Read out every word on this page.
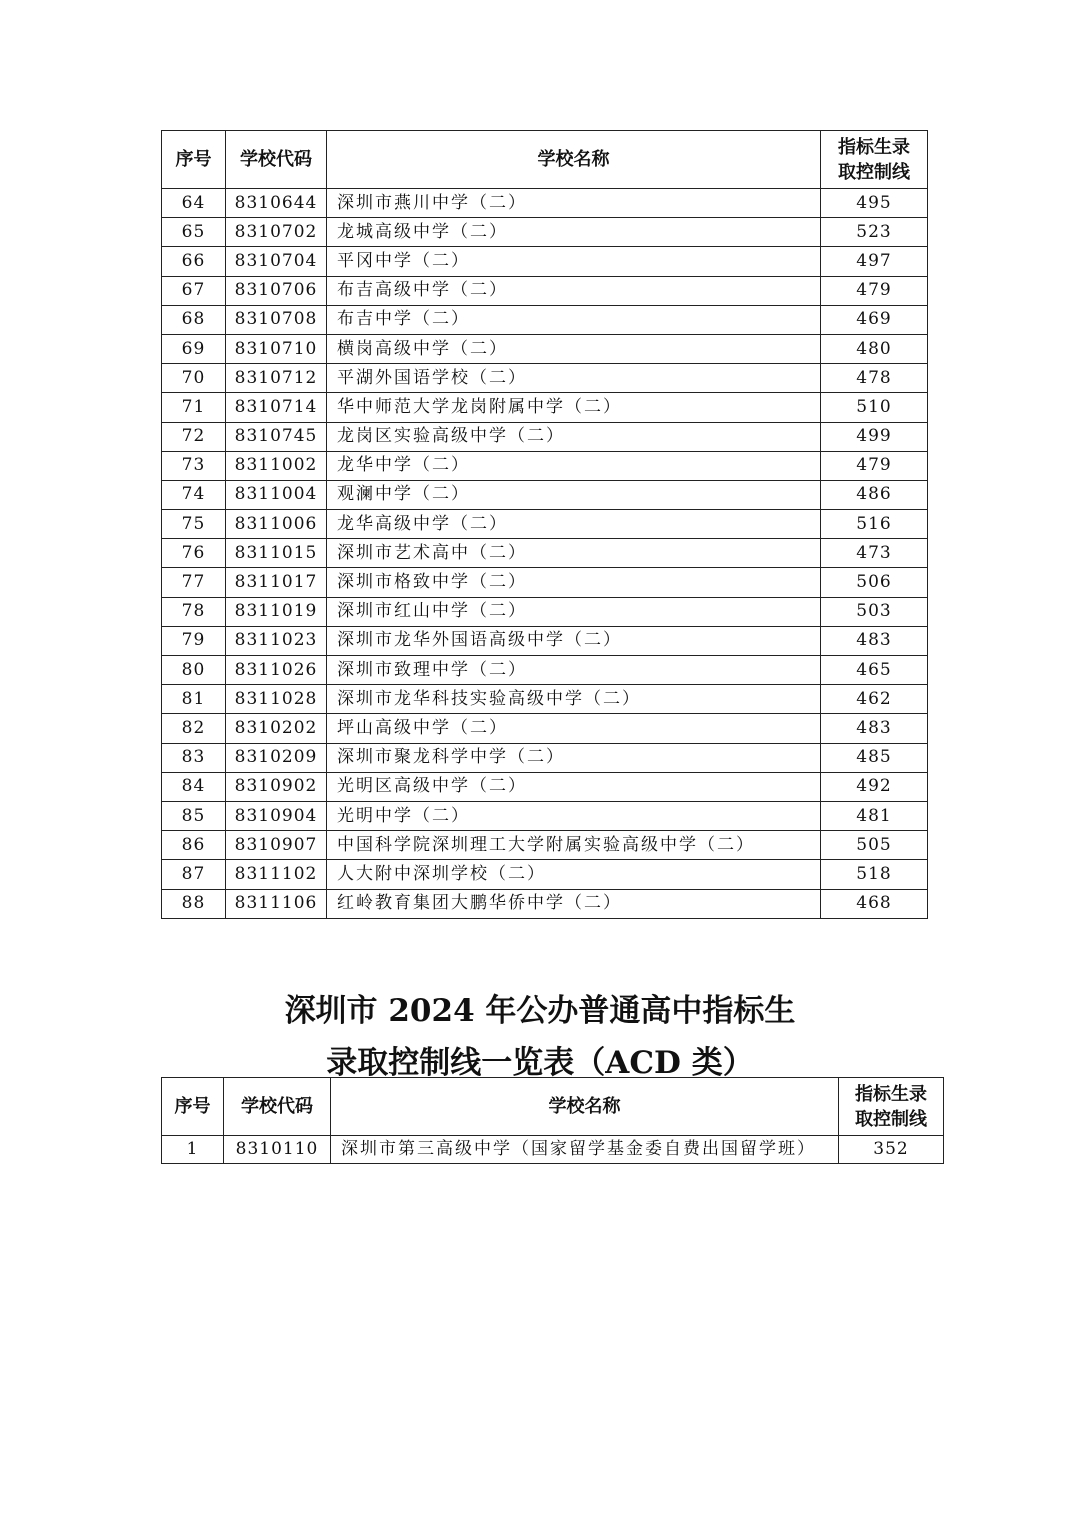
序号	学校代码	学校名称	指标生录
取控制线

64	8310644	深圳市燕川中学（二）	495
65	8310702	龙城高级中学（二）	523
66	8310704	平冈中学（二）	497
67	8310706	布吉高级中学（二）	479
68	8310708	布吉中学（二）	469
69	8310710	横岗高级中学（二）	480
70	8310712	平湖外国语学校（二）	478
71	8310714	华中师范大学龙岗附属中学（二）	510
72	8310745	龙岗区实验高级中学（二）	499
73	8311002	龙华中学（二）	479
74	8311004	观澜中学（二）	486
75	8311006	龙华高级中学（二）	516
76	8311015	深圳市艺术高中（二）	473
77	8311017	深圳市格致中学（二）	506
78	8311019	深圳市红山中学（二）	503
79	8311023	深圳市龙华外国语高级中学（二）	483
80	8311026	深圳市致理中学（二）	465
81	8311028	深圳市龙华科技实验高级中学（二）	462
82	8310202	坪山高级中学（二）	483
83	8310209	深圳市聚龙科学中学（二）	485
84	8310902	光明区高级中学（二）	492
85	8310904	光明中学（二）	481
86	8310907	中国科学院深圳理工大学附属实验高级中学（二）	505
87	8311102	人大附中深圳学校（二）	518
88	8311106	红岭教育集团大鹏华侨中学（二）	468
深圳市 2024 年公办普通高中指标生
录取控制线一览表（ACD 类）
序号	学校代码	学校名称	指标生录
取控制线

1	8310110	深圳市第三高级中学（国家留学基金委自费出国留学班）	352
